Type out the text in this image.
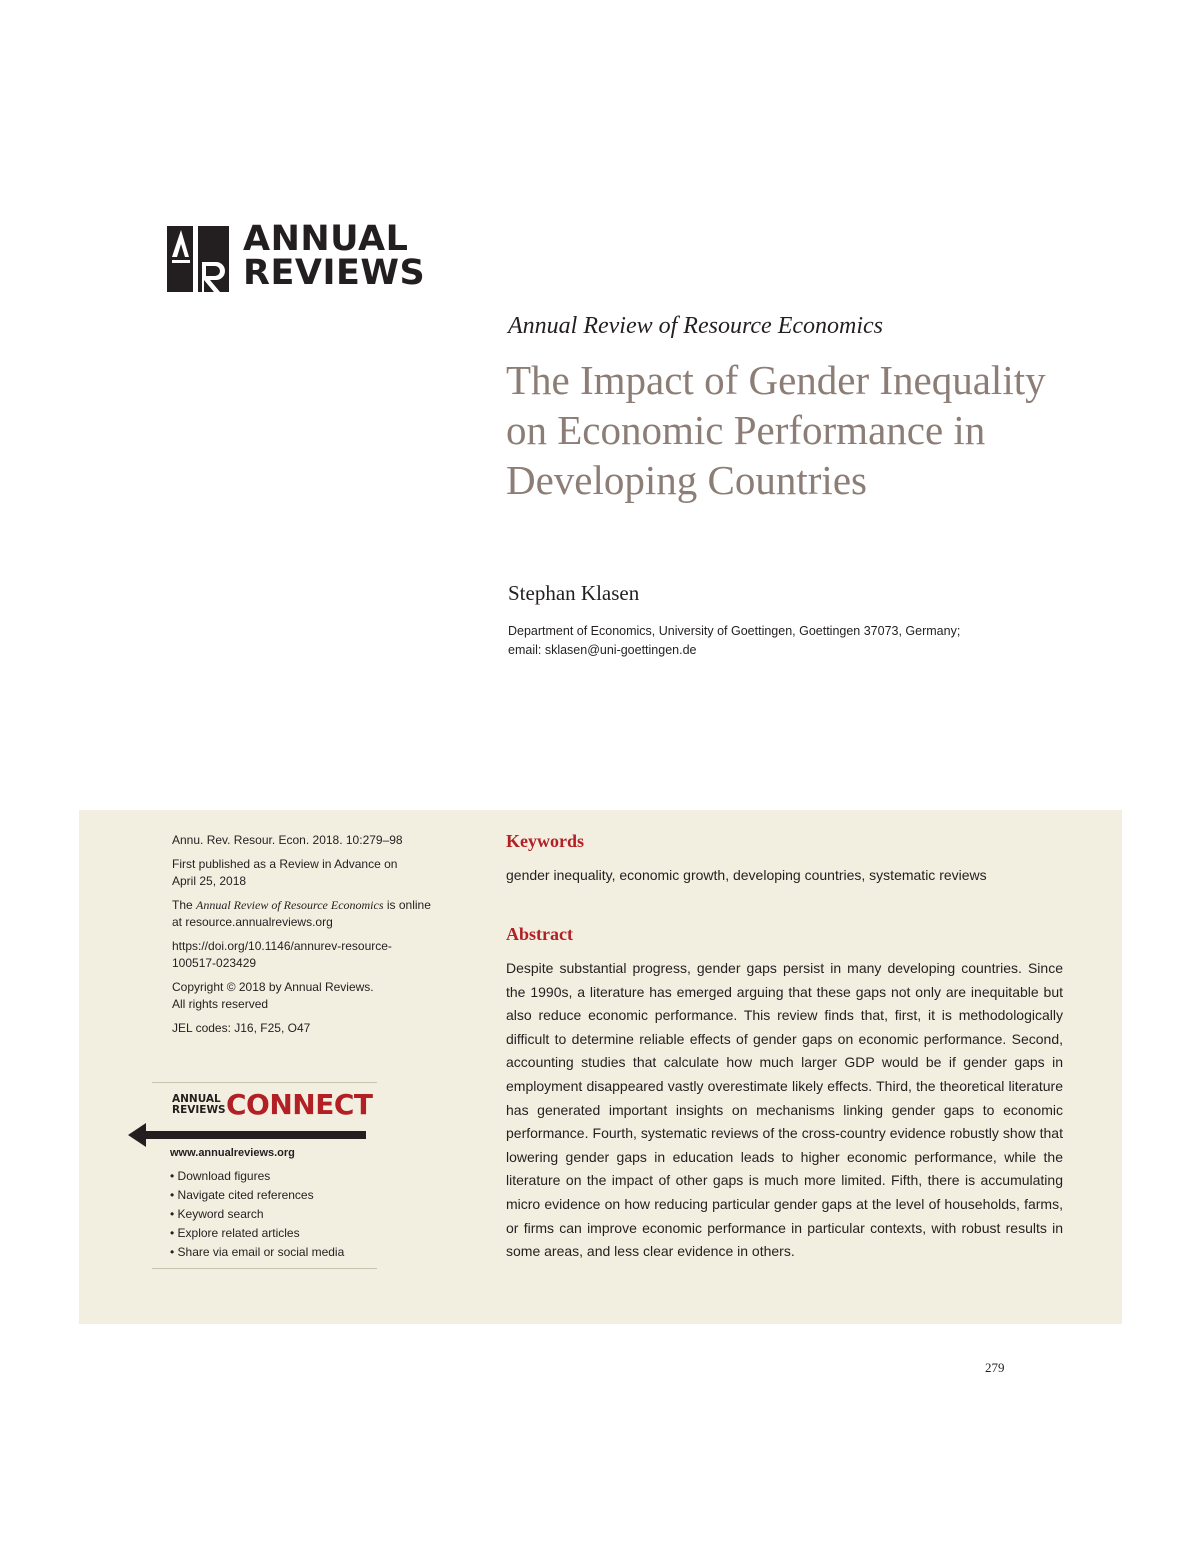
ANNUAL
REVIEWS
Annual Review of Resource Economics
The Impact of Gender Inequality on Economic Performance in Developing Countries
Stephan Klasen
Department of Economics, University of Goettingen, Goettingen 37073, Germany;
email: sklasen@uni-goettingen.de

Annu. Rev. Resour. Econ. 2018. 10:279–98

First published as a Review in Advance on
April 25, 2018

The Annual Review of Resource Economics is online
at resource.annualreviews.org

https://doi.org/10.1146/annurev-resource-
100517-023429

Copyright © 2018 by Annual Reviews.
All rights reserved

JEL codes: J16, F25, O47

ANNUAL
REVIEWS CONNECT
www.annualreviews.org
• Download figures
• Navigate cited references
• Keyword search
• Explore related articles
• Share via email or social media
Keywords
gender inequality, economic growth, developing countries, systematic reviews
Abstract

Despite substantial progress, gender gaps persist in many developing countries. Since the 1990s, a literature has emerged arguing that these gaps not only are inequitable but also reduce economic performance. This review finds that, first, it is methodologically difficult to determine reliable effects of gender gaps on economic performance. Second, accounting studies that calculate how much larger GDP would be if gender gaps in employment disappeared vastly overestimate likely effects. Third, the theoretical literature has generated important insights on mechanisms linking gender gaps to economic performance. Fourth, systematic reviews of the cross-country evidence robustly show that lowering gender gaps in education leads to higher economic performance, while the literature on the impact of other gaps is much more limited. Fifth, there is accumulating micro evidence on how reducing particular gender gaps at the level of households, farms, or firms can improve economic performance in particular contexts, with robust results in some areas, and less clear evidence in others.

279
